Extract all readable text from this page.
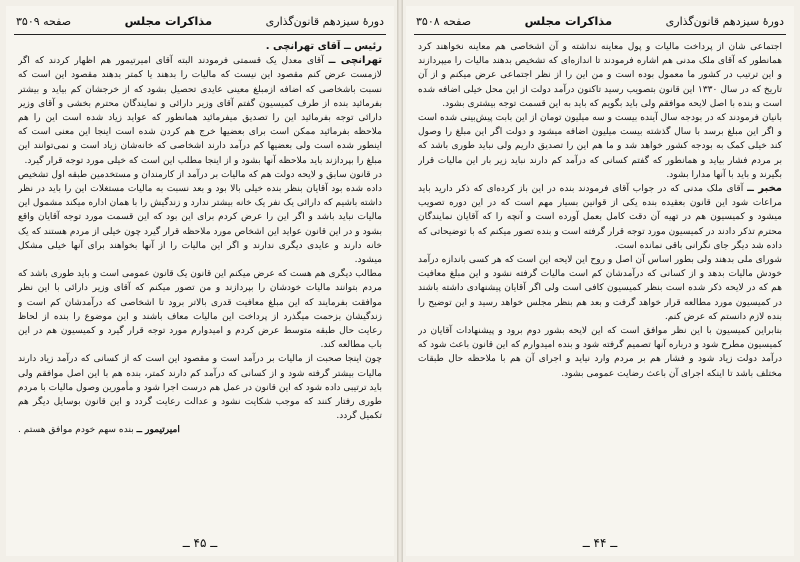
دورهٔ سیزدهم قانون‌گذاری
مذاکرات مجلس
صفحه ۳۵۰۹

رئیس ــ آقای تهرانچی .

تهرانچی ــ آقای معدل یک قسمتی فرمودند البته آقای امیرتیمور هم اظهار کردند که اگر لازمست عرض کنم مقصود این نیست که مالیات را بدهند یا کمتر بدهند مقصود این است که نسبت باشخاصی که اضافه ازمبلغ معینی عایدی تحصیل بشود که از خرجشان کم بیاید و بیشتر بفرمائید بنده از طرف کمیسیون گفتم آقای وزیر دارائی و نمایندگان محترم بخشی و آقای وزیر دارائی توجه بفرمائید این را تصدیق میفرمائید همانطور که عواید زیاد شده است این را هم ملاحظه بفرمائید ممکن است برای بعضیها خرج هم کردن شده است اینجا این معنی است که اینطور شده است ولی بعضیها کم درآمد دارند اشخاصی که خانه‌شان زیاد است و نمی‌توانند این مبلغ را بپردازند باید ملاحظه آنها بشود و از اینجا مطلب این است که خیلی مورد توجه قرار گیرد.

در قانون سابق و لایحه دولت هم که مالیات بر درآمد از کارمندان و مستخدمین طبقه اول تشخیص داده شده بود آقایان بنظر بنده خیلی بالا بود و بعد نسبت به مالیات مستغلات این را باید در نظر داشته باشیم که دارائی یک نفر یک خانه بیشتر ندارد و زندگیش را با همان اداره میکند مشمول این مالیات نباید باشد و اگر این را عرض کردم برای این بود که این قسمت مورد توجه آقایان واقع بشود و در این قانون عواید این اشخاص مورد ملاحظه قرار گیرد چون خیلی از مردم هستند که یک خانه دارند و عایدی دیگری ندارند و اگر این مالیات را از آنها بخواهند برای آنها خیلی مشکل میشود.

مطالب دیگری هم هست که عرض میکنم این قانون یک قانون عمومی است و باید طوری باشد که مردم بتوانند مالیات خودشان را بپردازند و من تصور میکنم که آقای وزیر دارائی با این نظر موافقت بفرمایند که این مبلغ معافیت قدری بالاتر برود تا اشخاصی که درآمدشان کم است و زندگیشان بزحمت میگذرد از پرداخت این مالیات معاف باشند و این موضوع را بنده از لحاظ رعایت حال طبقه متوسط عرض کردم و امیدوارم مورد توجه قرار گیرد و کمیسیون هم در این باب مطالعه کند.

چون اینجا صحبت از مالیات بر درآمد است و مقصود این است که از کسانی که درآمد زیاد دارند مالیات بیشتر گرفته شود و از کسانی که درآمد کم دارند کمتر، بنده هم با این اصل موافقم ولی باید ترتیبی داده شود که این قانون در عمل هم درست اجرا شود و مأمورین وصول مالیات با مردم طوری رفتار کنند که موجب شکایت نشود و عدالت رعایت گردد و این قانون بوسایل دیگر هم تکمیل گردد.

امیرتیمور ــ بنده سهم خودم موافق هستم .

ــ ۴۵ ــ
دورهٔ سیزدهم قانون‌گذاری
مذاکرات مجلس
صفحه ۳۵۰۸

اجتماعی شان از پرداخت مالیات و پول معاینه نداشته و آن اشخاصی هم معاینه نخواهند کرد همانطور که آقای ملک مدنی هم اشاره فرمودند تا اندازه‌ای که تشخیص بدهند مالیات را میپردازند و این ترتیب در کشور ما معمول بوده است و من این را از نظر اجتماعی عرض میکنم و از آن تاریخ که در سال ۱۳۳۰ این قانون بتصویب رسید تاکنون درآمد دولت از این محل خیلی اضافه شده است و بنده با اصل لایحه موافقم ولی باید بگویم که باید به این قسمت توجه بیشتری بشود.

بانیان فرمودند که در بودجه سال آینده بیست و سه میلیون تومان از این بابت پیش‌بینی شده است و اگر این مبلغ برسد با سال گذشته بیست میلیون اضافه میشود و دولت اگر این مبلغ را وصول کند خیلی کمک به بودجه کشور خواهد شد و ما هم این را تصدیق داریم ولی نباید طوری باشد که بر مردم فشار بیاید و همانطور که گفتم کسانی که درآمد کم دارند نباید زیر بار این مالیات قرار بگیرند و باید با آنها مدارا بشود.

مخبر ــ آقای ملک مدنی که در جواب آقای فرمودند بنده در این باز کرده‌ای که ذکر دارید باید مراعات شود این قانون بعقیده بنده یکی از قوانین بسیار مهم است که در این دوره تصویب میشود و کمیسیون هم در تهیه آن دقت کامل بعمل آورده است و آنچه را که آقایان نمایندگان محترم تذکر دادند در کمیسیون مورد توجه قرار گرفته است و بنده تصور میکنم که با توضیحاتی که داده شد دیگر جای نگرانی باقی نمانده است.

شورای ملی بدهند ولی بطور اساس آن اصل و روح این لایحه این است که هر کسی باندازه درآمد خودش مالیات بدهد و از کسانی که درآمدشان کم است مالیات گرفته نشود و این مبلغ معافیت هم که در لایحه ذکر شده است بنظر کمیسیون کافی است ولی اگر آقایان پیشنهادی داشته باشند در کمیسیون مورد مطالعه قرار خواهد گرفت و بعد هم بنظر مجلس خواهد رسید و این توضیح را بنده لازم دانستم که عرض کنم.

بنابراین کمیسیون با این نظر موافق است که این لایحه بشور دوم برود و پیشنهادات آقایان در کمیسیون مطرح شود و درباره آنها تصمیم گرفته شود و بنده امیدوارم که این قانون باعث شود که درآمد دولت زیاد شود و فشار هم بر مردم وارد نیاید و اجرای آن هم با ملاحظه حال طبقات مختلف باشد تا اینکه اجرای آن باعث رضایت عمومی بشود.

ــ ۴۴ ــ
